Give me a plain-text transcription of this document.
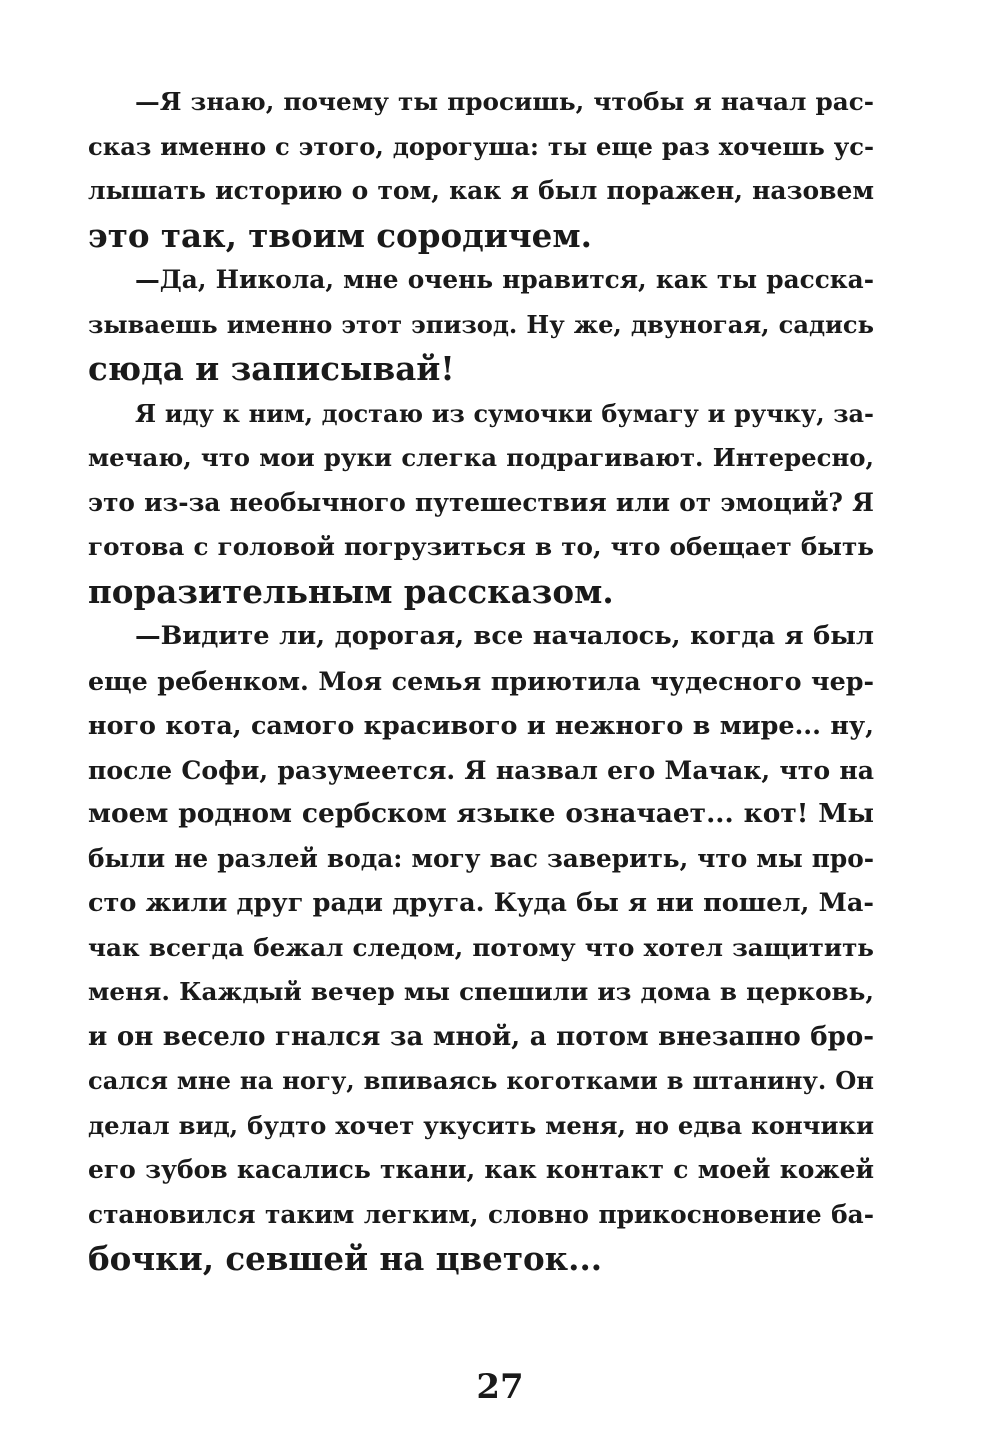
—Я знаю, почему ты просишь, чтобы я начал рас-
сказ именно с этого, дорогуша: ты еще раз хочешь ус-
лышать историю о том, как я был поражен, назовем
это так, твоим сородичем.
—Да, Никола, мне очень нравится, как ты расска-
зываешь именно этот эпизод. Ну же, двуногая, садись
сюда и записывай!
Я иду к ним, достаю из сумочки бумагу и ручку, за-
мечаю, что мои руки слегка подрагивают. Интересно,
это из-за необычного путешествия или от эмоций? Я
готова с головой погрузиться в то, что обещает быть
поразительным рассказом.
—Видите ли, дорогая, все началось, когда я был
еще ребенком. Моя семья приютила чудесного чер-
ного кота, самого красивого и нежного в мире... ну,
после Софи, разумеется. Я назвал его Мачак, что на
моем родном сербском языке означает... кот! Мы
были не разлей вода: могу вас заверить, что мы про-
сто жили друг ради друга. Куда бы я ни пошел, Ма-
чак всегда бежал следом, потому что хотел защитить
меня. Каждый вечер мы спешили из дома в церковь,
и он весело гнался за мной, а потом внезапно бро-
сался мне на ногу, впиваясь коготками в штанину. Он
делал вид, будто хочет укусить меня, но едва кончики
его зубов касались ткани, как контакт с моей кожей
становился таким легким, словно прикосновение ба-
бочки, севшей на цветок...
27
